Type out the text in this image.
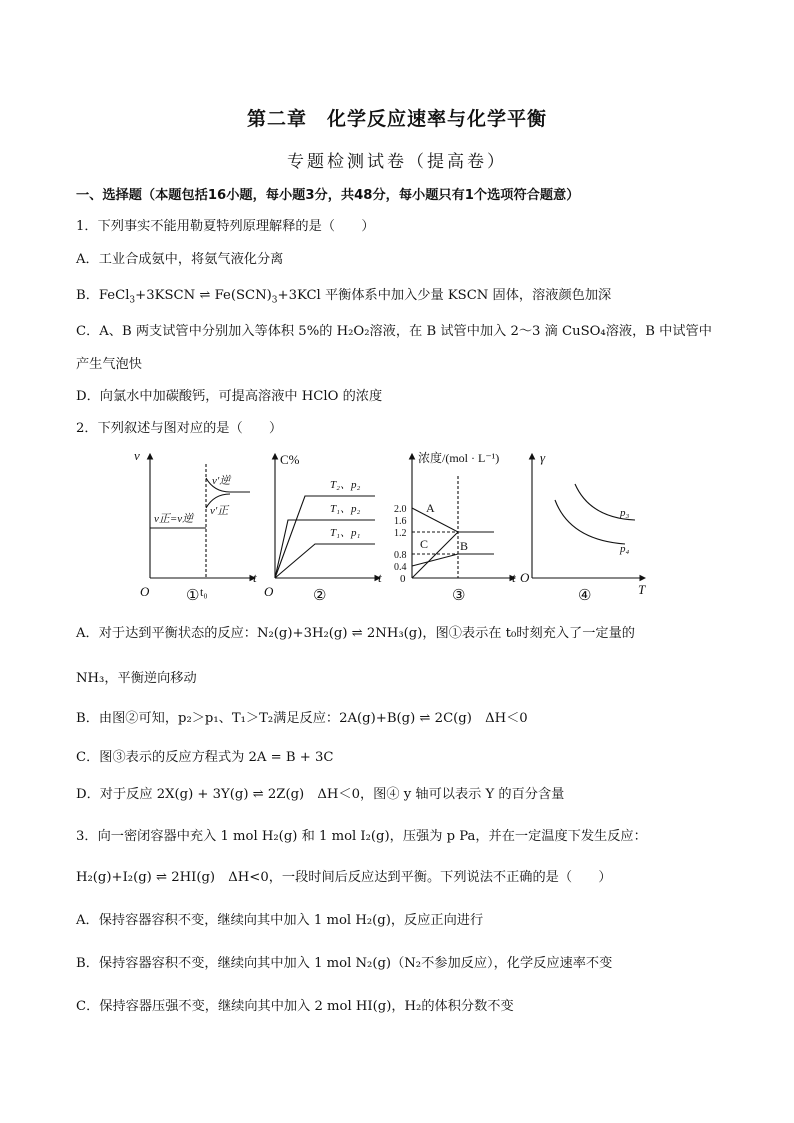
第二章　化学反应速率与化学平衡
专题检测试卷（提高卷）
一、选择题（本题包括16小题，每小题3分，共48分，每小题只有1个选项符合题意）
1．下列事实不能用勒夏特列原理解释的是（　　）
A．工业合成氨中，将氨气液化分离
B．FeCl$_3$+3KSCN ⇌ $Fe(SCN)_3+3KCl$ 平衡体系中加入少量 KSCN 固体，溶液颜色加深
C．A、B 两支试管中分别加入等体积 5%的 H₂O₂溶液，在 B 试管中加入 2～3 滴 CuSO₄溶液，B 中试管中
产生气泡快
D．向氯水中加碳酸钙，可提高溶液中 HClO 的浓度
2．下列叙述与图对应的是（　　）
v
t
O	t₀
v′逆
v′正
v正=v逆
①
C%
t
O
T₂、p₂
T₁、p₂
T₁、p₁
②
浓度/(mol · L⁻¹)
t
0
2.0
1.6
1.2
0.8
0.4
A
B
C
③
γ
T
O
p₃
p₄
④
A．对于达到平衡状态的反应：N₂(g)+3H₂(g) ⇌ 2NH₃(g)，图①表示在 t₀时刻充入了一定量的
NH₃，平衡逆向移动
B．由图②可知，p₂＞p₁、T₁＞T₂满足反应：2A(g)+B(g) ⇌ 2C(g)　ΔH＜0
C．图③表示的反应方程式为 2A = B + 3C
D．对于反应 2X(g) + 3Y(g) ⇌ 2Z(g)　ΔH＜0，图④ y 轴可以表示 Y 的百分含量
3．向一密闭容器中充入 1 mol H₂(g) 和 1 mol I₂(g)，压强为 p Pa，并在一定温度下发生反应：
H₂(g)+I₂(g) ⇌ 2HI(g)　ΔH<0，一段时间后反应达到平衡。下列说法不正确的是（　　）
A．保持容器容积不变，继续向其中加入 1 mol H₂(g)，反应正向进行
B．保持容器容积不变，继续向其中加入 1 mol N₂(g)（N₂不参加反应），化学反应速率不变
C．保持容器压强不变，继续向其中加入 2 mol HI(g)，H₂的体积分数不变
